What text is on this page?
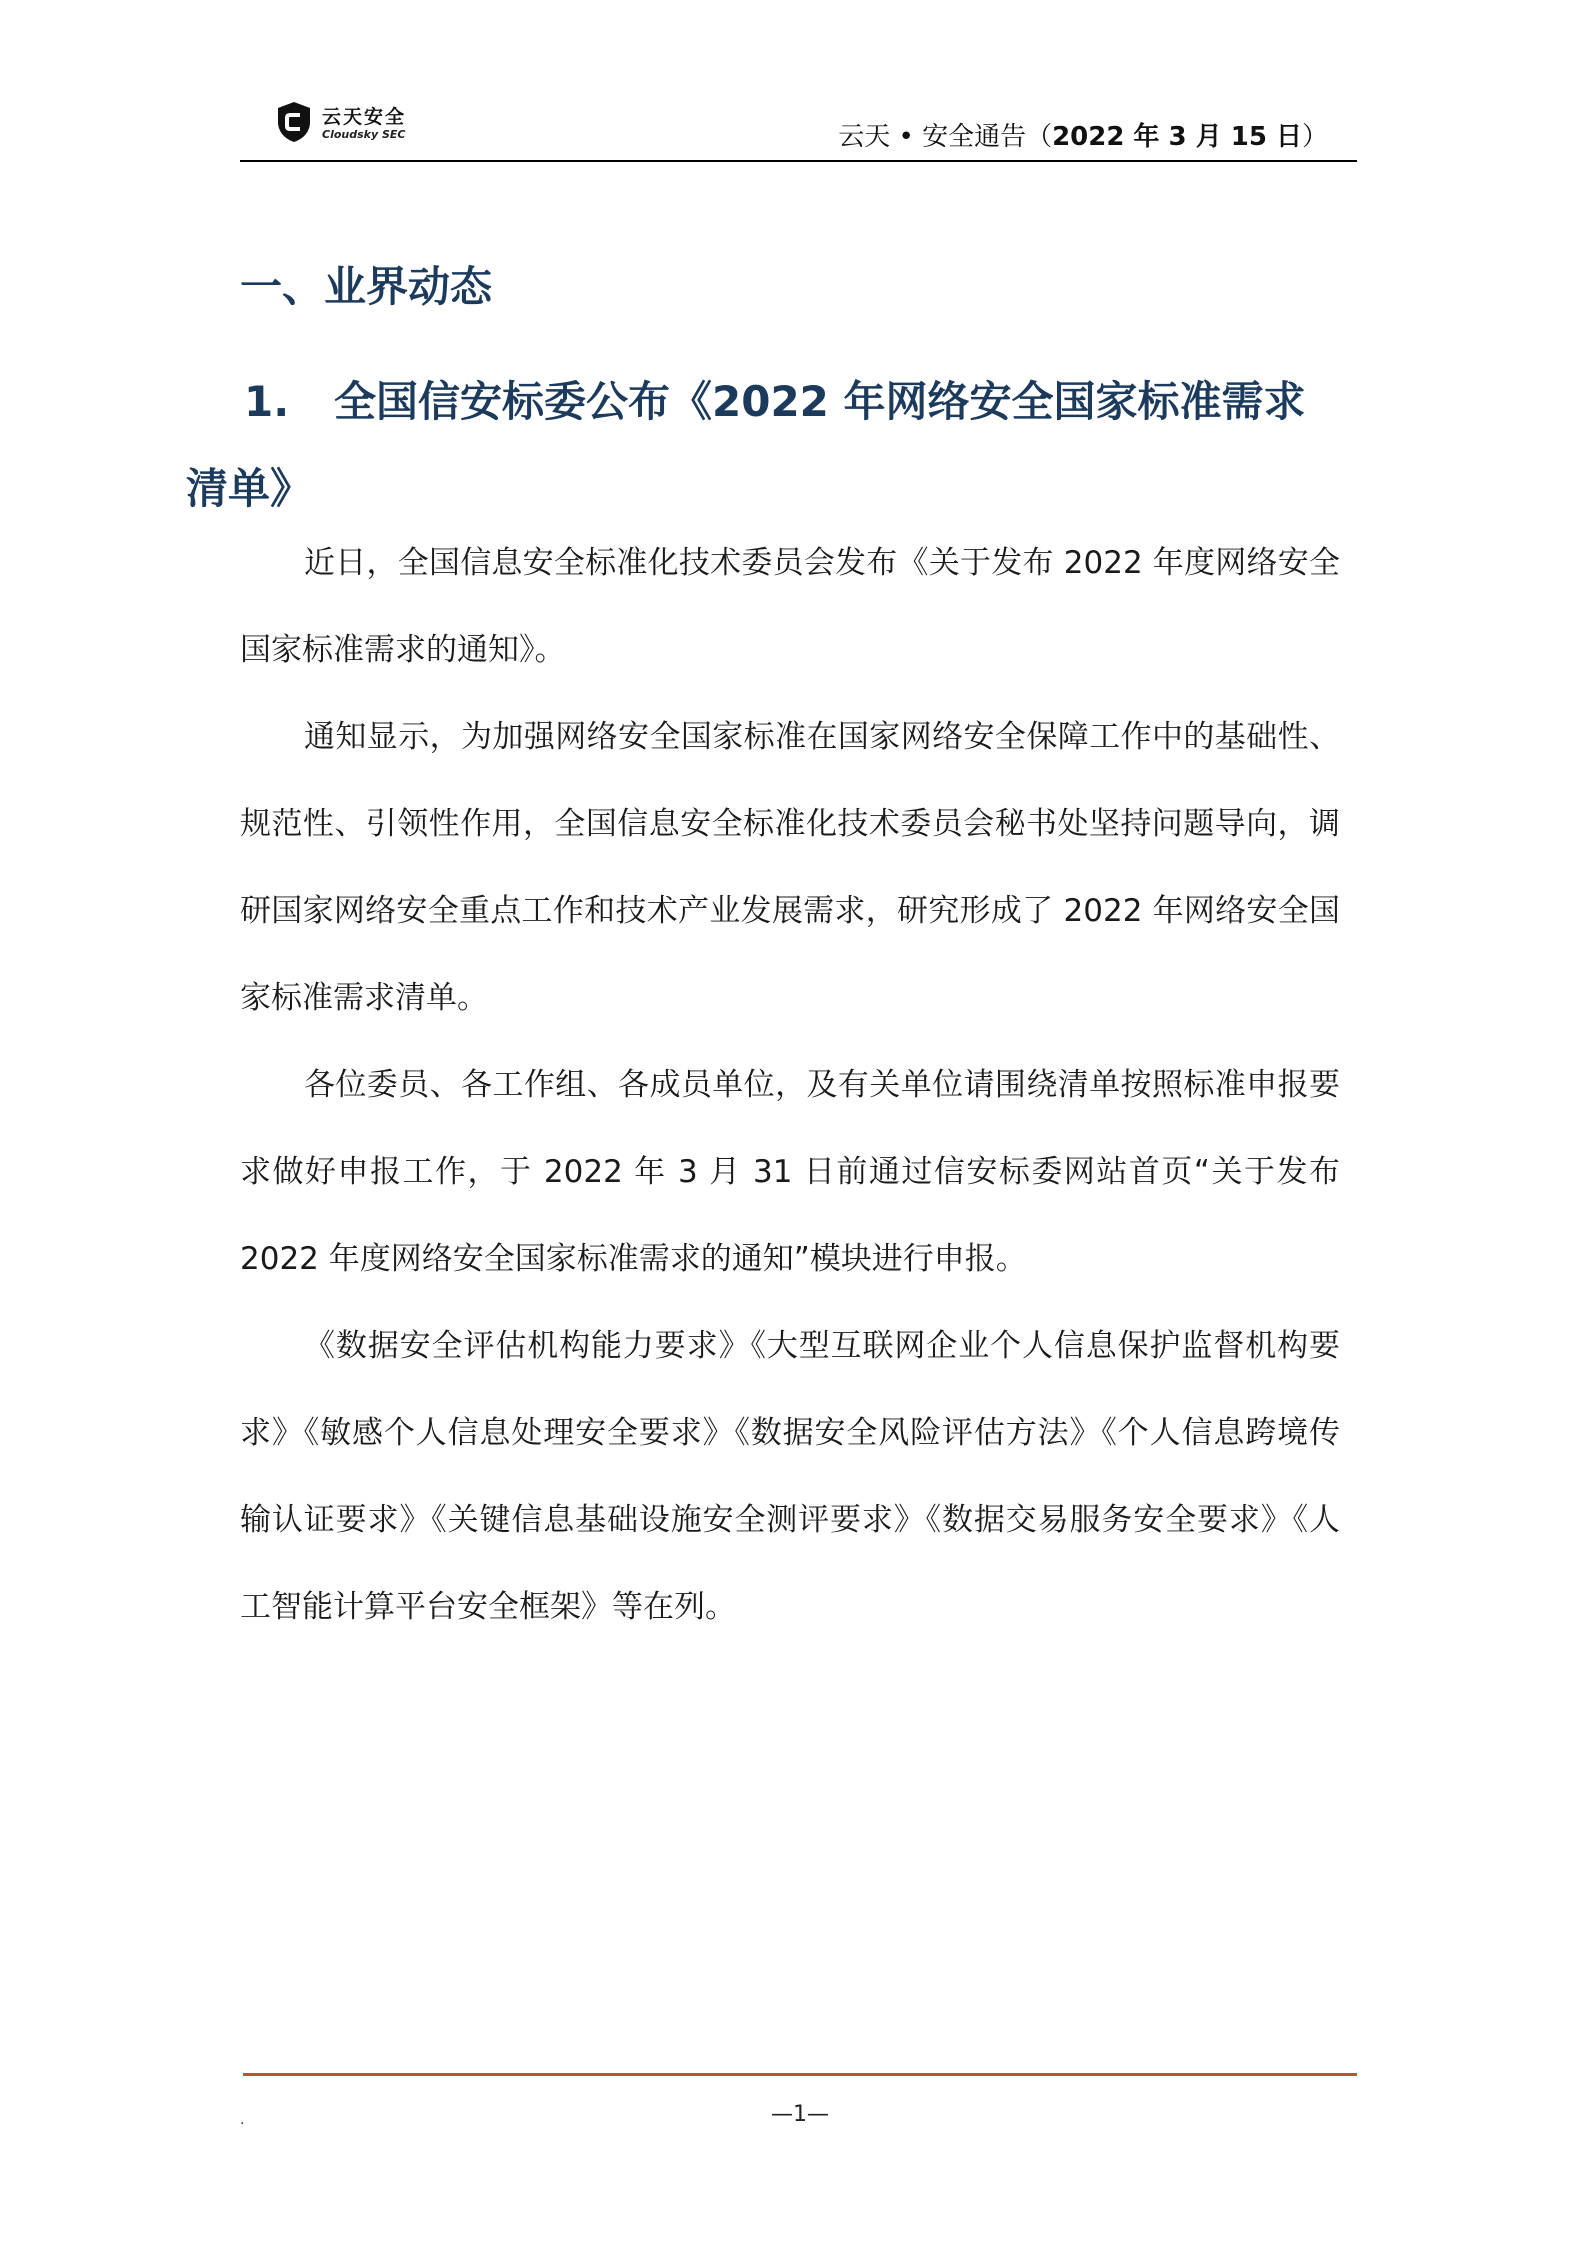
云天安全
Cloudsky SEC	云天 • 安全通告（2022 年 3 月 15 日）
一、业界动态
1. 全国信安标委公布《2022 年网络安全国家标准需求清单》

近日，全国信息安全标准化技术委员会发布《关于发布 2022 年度网络安全国家标准需求的通知》。

通知显示，为加强网络安全国家标准在国家网络安全保障工作中的基础性、规范性、引领性作用，全国信息安全标准化技术委员会秘书处坚持问题导向，调研国家网络安全重点工作和技术产业发展需求，研究形成了 2022 年网络安全国家标准需求清单。

各位委员、各工作组、各成员单位，及有关单位请围绕清单按照标准申报要求做好申报工作，于 2022 年 3 月 31 日前通过信安标委网站首页“关于发布 2022 年度网络安全国家标准需求的通知”模块进行申报。

《数据安全评估机构能力要求》《大型互联网企业个人信息保护监督机构要求》《敏感个人信息处理安全要求》《数据安全风险评估方法》《个人信息跨境传输认证要求》《关键信息基础设施安全测评要求》《数据交易服务安全要求》《人工智能计算平台安全框架》等在列。

.	—1—
